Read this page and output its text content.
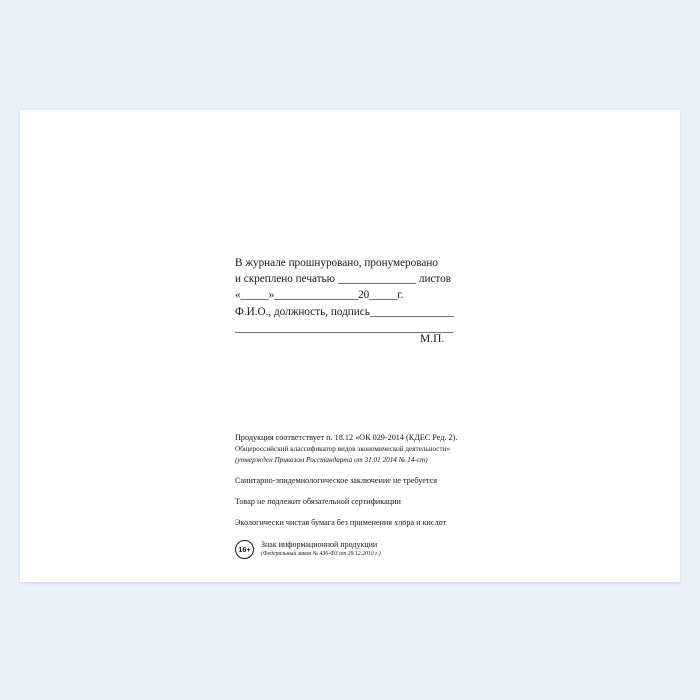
В журнале прошнуровано, пронумеровано
и скреплено печатью ______________ листов
«_____»_______________20_____г.
Ф.И.О., должность, подпись_______________
_______________________________________
М.П.
Продукция соответствует п. 18.12 «ОК 029-2014 (КДЕС Ред. 2).
Общероссийский классификатор видов экономической деятельности»
(утвержден Приказом Росстандарта от 31.01 2014 № 14-ст)
Санитарно-эпидемиологическое заключение не требуется
Товар не подлежит обязательной сертификации
Экологически чистая бумага без применения хлора и кислот
16+	Знак информационной продукции
(Федеральный закон № 436-ФЗ от 29.12.2010 г.)
